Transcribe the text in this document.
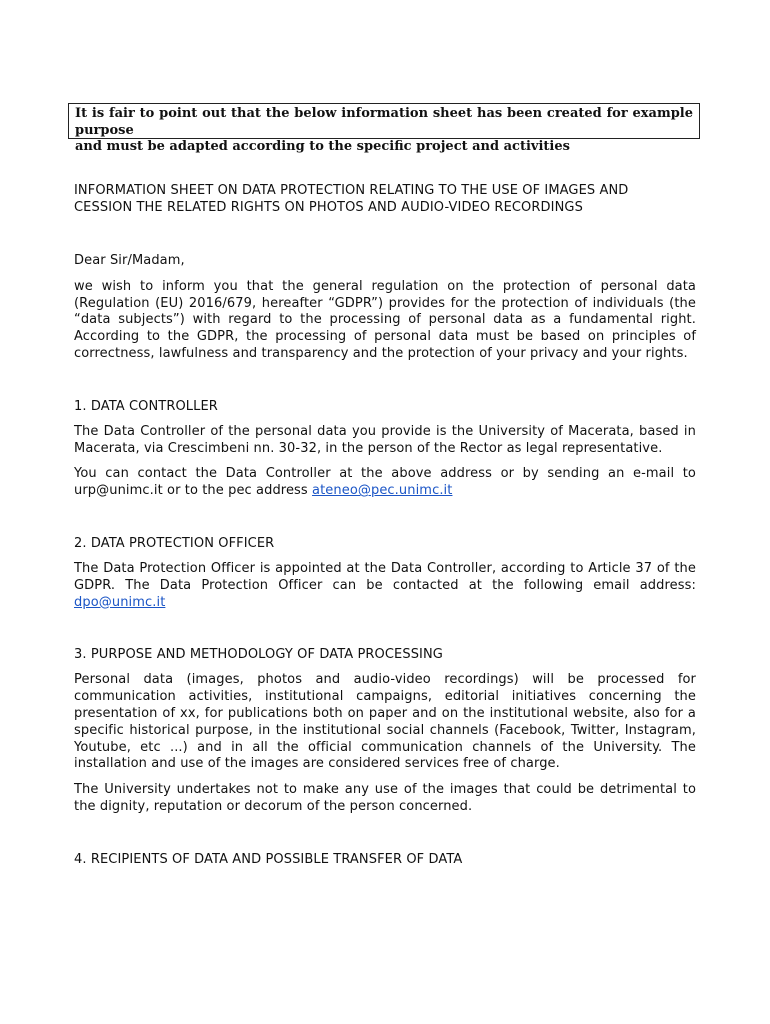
It is fair to point out that the below information sheet has been created for example purpose
and must be adapted according to the specific project and activities
INFORMATION SHEET ON DATA PROTECTION RELATING TO THE USE OF IMAGES AND
CESSION THE RELATED RIGHTS ON PHOTOS AND AUDIO-VIDEO RECORDINGS

Dear Sir/Madam,

we wish to inform you that the general regulation on the protection of personal data (Regulation (EU) 2016/679, hereafter “GDPR”) provides for the protection of individuals (the “data subjects”) with regard to the processing of personal data as a fundamental right. According to the GDPR, the processing of personal data must be based on principles of correctness, lawfulness and transparency and the protection of your privacy and your rights.

1. DATA CONTROLLER

The Data Controller of the personal data you provide is the University of Macerata, based in Macerata, via Crescimbeni nn. 30-32, in the person of the Rector as legal representative.

You can contact the Data Controller at the above address or by sending an e-mail to urp@unimc.it or to the pec address ateneo@pec.unimc.it

2. DATA PROTECTION OFFICER

The Data Protection Officer is appointed at the Data Controller, according to Article 37 of the GDPR. The Data Protection Officer can be contacted at the following email address: dpo@unimc.it

3. PURPOSE AND METHODOLOGY OF DATA PROCESSING

Personal data (images, photos and audio-video recordings) will be processed for communication activities, institutional campaigns, editorial initiatives concerning the presentation of xx, for publications both on paper and on the institutional website, also for a specific historical purpose, in the institutional social channels (Facebook, Twitter, Instagram, Youtube, etc ...) and in all the official communication channels of the University. The installation and use of the images are considered services free of charge.

The University undertakes not to make any use of the images that could be detrimental to the dignity, reputation or decorum of the person concerned.

4. RECIPIENTS OF DATA AND POSSIBLE TRANSFER OF DATA
